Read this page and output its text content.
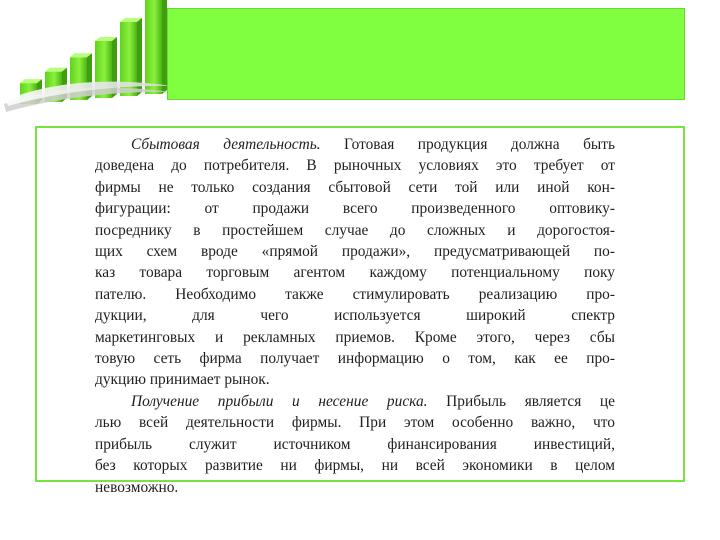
Сбытовая деятельность. Готовая продукция должна быть
доведена до потребителя. В рыночных условиях это требует от
фирмы не только создания сбытовой сети той или иной кон-
фигурации: от продажи всего произведенного оптовику-
посреднику в простейшем случае до сложных и дорогостоя-
щих схем вроде «прямой продажи», предусматривающей по-
каз товара торговым агентом каждому потенциальному поку
пателю. Необходимо также стимулировать реализацию про-
дукции, для чего используется широкий спектр
маркетинговых и рекламных приемов. Кроме этого, через сбы
товую сеть фирма получает информацию о том, как ее про-
дукцию принимает рынок.
Получение прибыли и несение риска. Прибыль является це
лью всей деятельности фирмы. При этом особенно важно, что
прибыль служит источником финансирования инвестиций,
без которых развитие ни фирмы, ни всей экономики в целом
невозможно.
